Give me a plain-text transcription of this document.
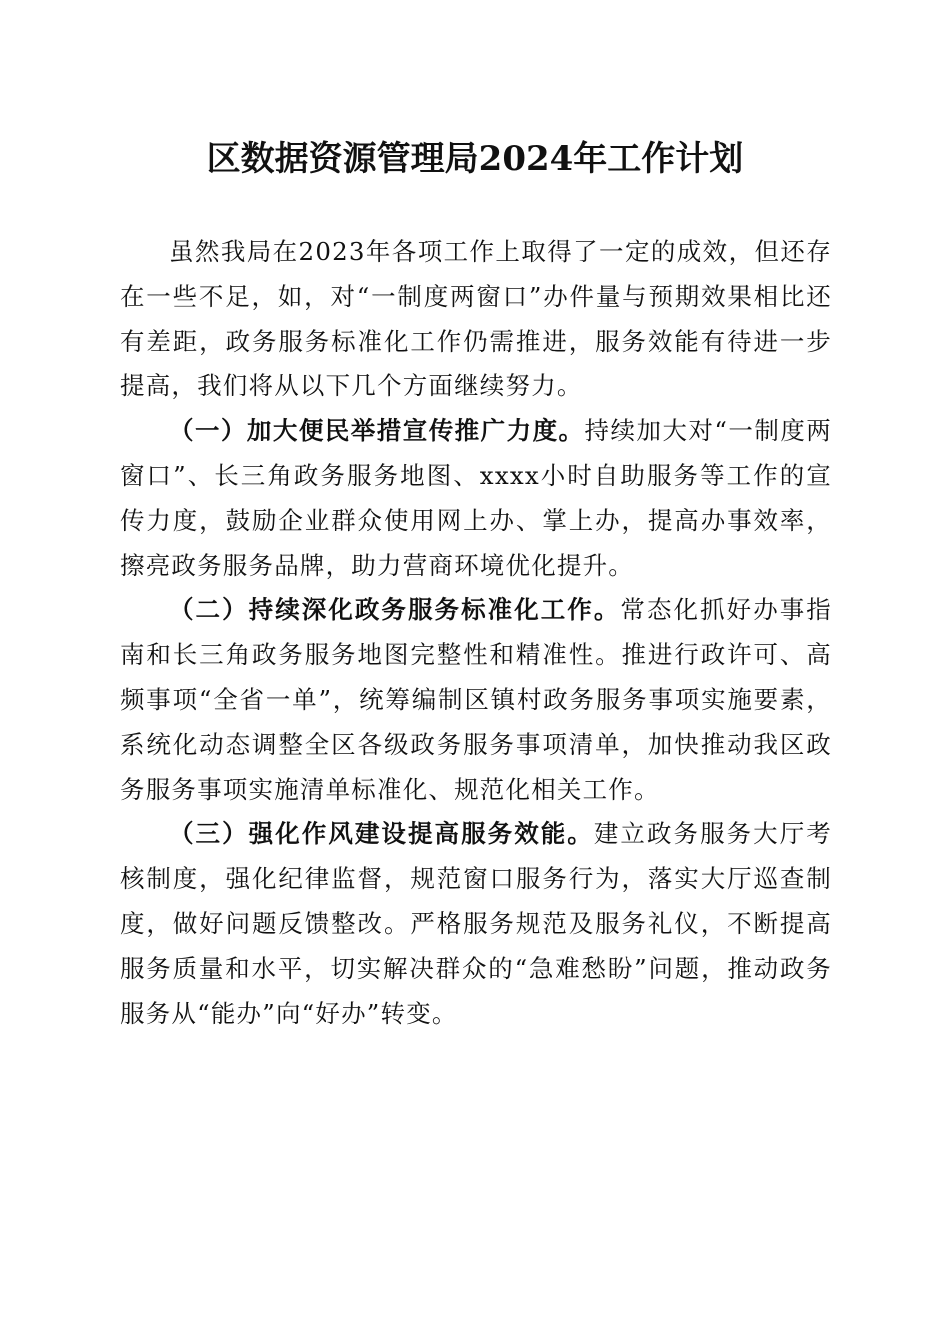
区数据资源管理局2024年工作计划

虽然我局在2023年各项工作上取得了一定的成效，但还存在一些不足，如，对“一制度两窗口”办件量与预期效果相比还有差距，政务服务标准化工作仍需推进，服务效能有待进一步提高，我们将从以下几个方面继续努力。

（一）加大便民举措宣传推广力度。持续加大对“一制度两窗口”、长三角政务服务地图、xxxx小时自助服务等工作的宣传力度，鼓励企业群众使用网上办、掌上办，提高办事效率，擦亮政务服务品牌，助力营商环境优化提升。

（二）持续深化政务服务标准化工作。常态化抓好办事指南和长三角政务服务地图完整性和精准性。推进行政许可、高频事项“全省一单”，统筹编制区镇村政务服务事项实施要素，系统化动态调整全区各级政务服务事项清单，加快推动我区政务服务事项实施清单标准化、规范化相关工作。

（三）强化作风建设提高服务效能。建立政务服务大厅考核制度，强化纪律监督，规范窗口服务行为，落实大厅巡查制度，做好问题反馈整改。严格服务规范及服务礼仪，不断提高服务质量和水平，切实解决群众的“急难愁盼”问题，推动政务服务从“能办”向“好办”转变。
